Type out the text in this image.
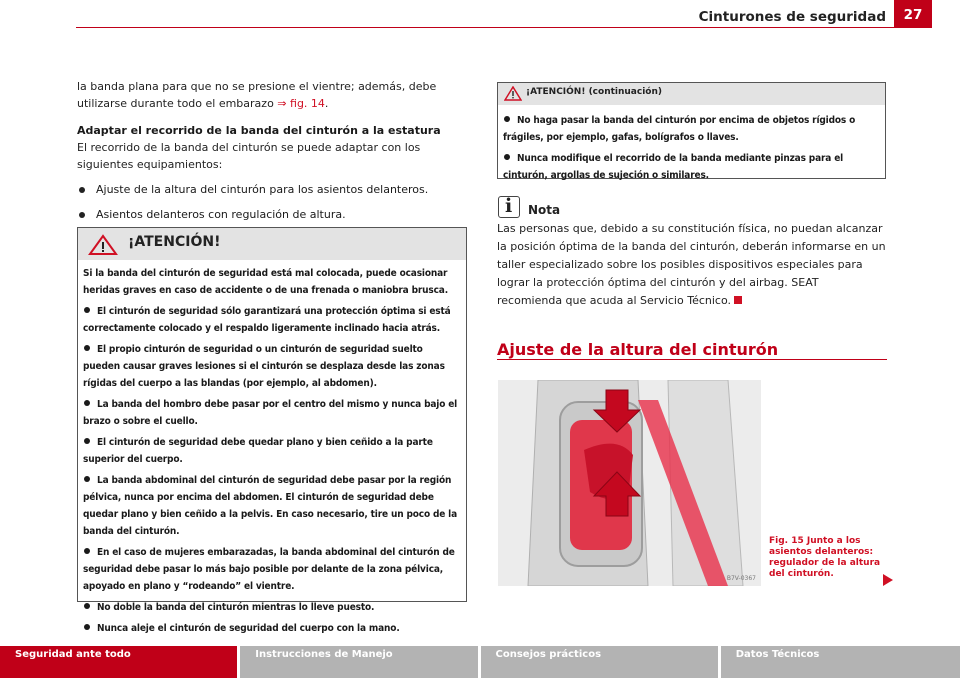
Cinturones de seguridad	27
la banda plana para que no se presione el vientre; además, debe utilizarse durante todo el embarazo ⇒ fig. 14.
Adaptar el recorrido de la banda del cinturón a la estatura
El recorrido de la banda del cinturón se puede adaptar con los siguientes equipamientos:
Ajuste de la altura del cinturón para los asientos delanteros.
Asientos delanteros con regulación de altura.
¡ATENCIÓN!
Si la banda del cinturón de seguridad está mal colocada, puede ocasionar heridas graves en caso de accidente o de una frenada o maniobra brusca.
El cinturón de seguridad sólo garantizará una protección óptima si está correctamente colocado y el respaldo ligeramente inclinado hacia atrás.
El propio cinturón de seguridad o un cinturón de seguridad suelto pueden causar graves lesiones si el cinturón se desplaza desde las zonas rígidas del cuerpo a las blandas (por ejemplo, al abdomen).
La banda del hombro debe pasar por el centro del mismo y nunca bajo el brazo o sobre el cuello.
El cinturón de seguridad debe quedar plano y bien ceñido a la parte superior del cuerpo.
La banda abdominal del cinturón de seguridad debe pasar por la región pélvica, nunca por encima del abdomen. El cinturón de seguridad debe quedar plano y bien ceñido a la pelvis. En caso necesario, tire un poco de la banda del cinturón.
En el caso de mujeres embarazadas, la banda abdominal del cinturón de seguridad debe pasar lo más bajo posible por delante de la zona pélvica, apoyado en plano y “rodeando” el vientre.
No doble la banda del cinturón mientras lo lleve puesto.
Nunca aleje el cinturón de seguridad del cuerpo con la mano.
¡ATENCIÓN! (continuación)
No haga pasar la banda del cinturón por encima de objetos rígidos o frágiles, por ejemplo, gafas, bolígrafos o llaves.
Nunca modifique el recorrido de la banda mediante pinzas para el cinturón, argollas de sujeción o similares.
i Nota
Las personas que, debido a su constitución física, no puedan alcanzar la posición óptima de la banda del cinturón, deberán informarse en un taller especializado sobre los posibles dispositivos especiales para lograr la protección óptima del cinturón y del airbag. SEAT recomienda que acuda al Servicio Técnico.
Ajuste de la altura del cinturón
B7V-0367
Fig. 15 Junto a los asientos delanteros: regulador de la altura del cinturón.
Seguridad ante todo	Instrucciones de Manejo	Consejos prácticos	Datos Técnicos
